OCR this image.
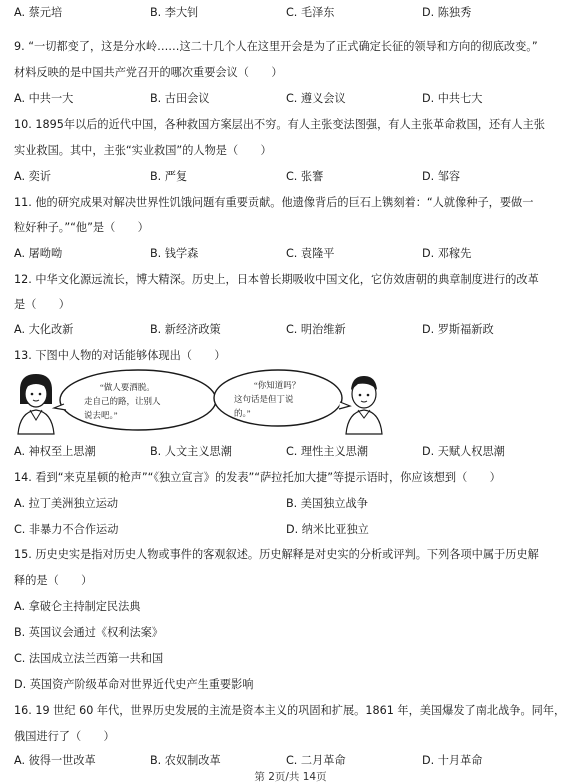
A. 蔡元培	B. 李大钊	C. 毛泽东	D. 陈独秀
9. “一切都变了，这是分水岭……这二十几个人在这里开会是为了正式确定长征的领导和方向的彻底改变。”
材料反映的是中国共产党召开的哪次重要会议（　　）
A. 中共一大	B. 古田会议	C. 遵义会议	D. 中共七大
10. 1895年以后的近代中国，各种救国方案层出不穷。有人主张变法图强，有人主张革命救国，还有人主张
实业救国。其中，主张“实业救国”的人物是（　　）
A. 奕䜣	B. 严复	C. 张謇	D. 邹容
11. 他的研究成果对解决世界性饥饿问题有重要贡献。他遗像背后的巨石上镌刻着：“人就像种子，要做一
粒好种子。”“他”是（　　）
A. 屠呦呦	B. 钱学森	C. 袁隆平	D. 邓稼先
12. 中华文化源远流长，博大精深。历史上，日本曾长期吸收中国文化，它仿效唐朝的典章制度进行的改革
是（　　）
A. 大化改新	B. 新经济政策	C. 明治维新	D. 罗斯福新政
13. 下图中人物的对话能够体现出（　　）
“做人要洒脱。
走自己的路，让别人
说去吧。”
“你知道吗？
这句话是但丁说
的。”
A. 神权至上思潮	B. 人文主义思潮	C. 理性主义思潮	D. 天赋人权思潮
14. 看到“来克星顿的枪声”“《独立宣言》的发表”“萨拉托加大捷”等提示语时，你应该想到（　　）
A. 拉丁美洲独立运动	B. 美国独立战争
C. 非暴力不合作运动	D. 纳米比亚独立
15. 历史史实是指对历史人物或事件的客观叙述。历史解释是对史实的分析或评判。下列各项中属于历史解
释的是（　　）
A. 拿破仑主持制定民法典
B. 英国议会通过《权利法案》
C. 法国成立法兰西第一共和国
D. 英国资产阶级革命对世界近代史产生重要影响
16. 19 世纪 60 年代，世界历史发展的主流是资本主义的巩固和扩展。1861 年，美国爆发了南北战争。同年，
俄国进行了（　　）
A. 彼得一世改革	B. 农奴制改革	C. 二月革命	D. 十月革命
第 2页/共 14页
